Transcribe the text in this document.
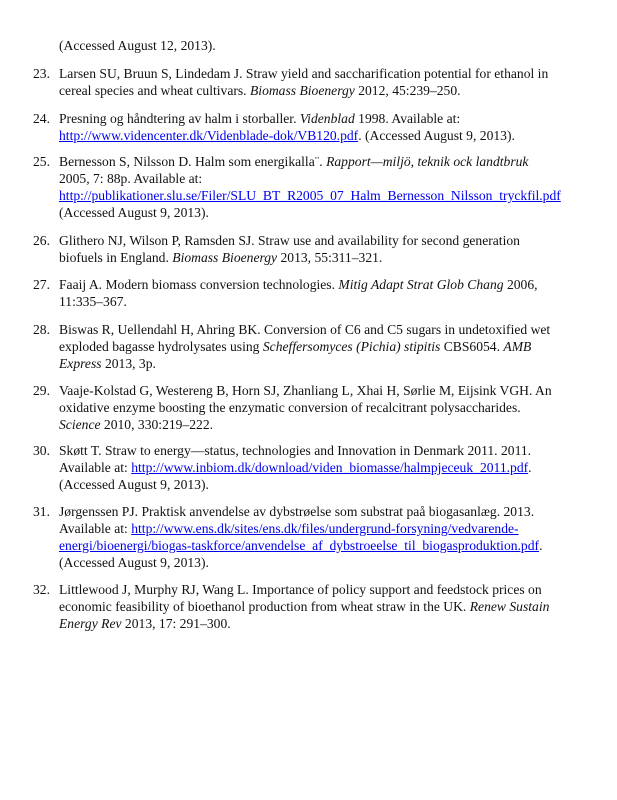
(Accessed August 12, 2013).
23. Larsen SU, Bruun S, Lindedam J. Straw yield and saccharification potential for ethanol in
cereal species and wheat cultivars. Biomass Bioenergy 2012, 45:239–250.
24. Presning og håndtering av halm i storballer. Videnblad 1998. Available at:
http://www.videncenter.dk/Videnblade-dok/VB120.pdf. (Accessed August 9, 2013).
25. Bernesson S, Nilsson D. Halm som energikalla¨. Rapport—miljö, teknik ock landtbruk
2005, 7: 88p. Available at:
http://publikationer.slu.se/Filer/SLU_BT_R2005_07_Halm_Bernesson_Nilsson_tryckfil.pdf
(Accessed August 9, 2013).
26. Glithero NJ, Wilson P, Ramsden SJ. Straw use and availability for second generation
biofuels in England. Biomass Bioenergy 2013, 55:311–321.
27. Faaij A. Modern biomass conversion technologies. Mitig Adapt Strat Glob Chang 2006,
11:335–367.
28. Biswas R, Uellendahl H, Ahring BK. Conversion of C6 and C5 sugars in undetoxified wet
exploded bagasse hydrolysates using Scheffersomyces (Pichia) stipitis CBS6054. AMB
Express 2013, 3p.
29. Vaaje-Kolstad G, Westereng B, Horn SJ, Zhanliang L, Xhai H, Sørlie M, Eijsink VGH. An
oxidative enzyme boosting the enzymatic conversion of recalcitrant polysaccharides.
Science 2010, 330:219–222.
30. Skøtt T. Straw to energy—status, technologies and Innovation in Denmark 2011. 2011.
Available at: http://www.inbiom.dk/download/viden_biomasse/halmpjeceuk_2011.pdf.
(Accessed August 9, 2013).
31. Jørgenssen PJ. Praktisk anvendelse av dybstrøelse som substrat paå biogasanlæg. 2013.
Available at: http://www.ens.dk/sites/ens.dk/files/undergrund-forsyning/vedvarende-
energi/bioenergi/biogas-taskforce/anvendelse_af_dybstroeelse_til_biogasproduktion.pdf.
(Accessed August 9, 2013).
32. Littlewood J, Murphy RJ, Wang L. Importance of policy support and feedstock prices on
economic feasibility of bioethanol production from wheat straw in the UK. Renew Sustain
Energy Rev 2013, 17: 291–300.
